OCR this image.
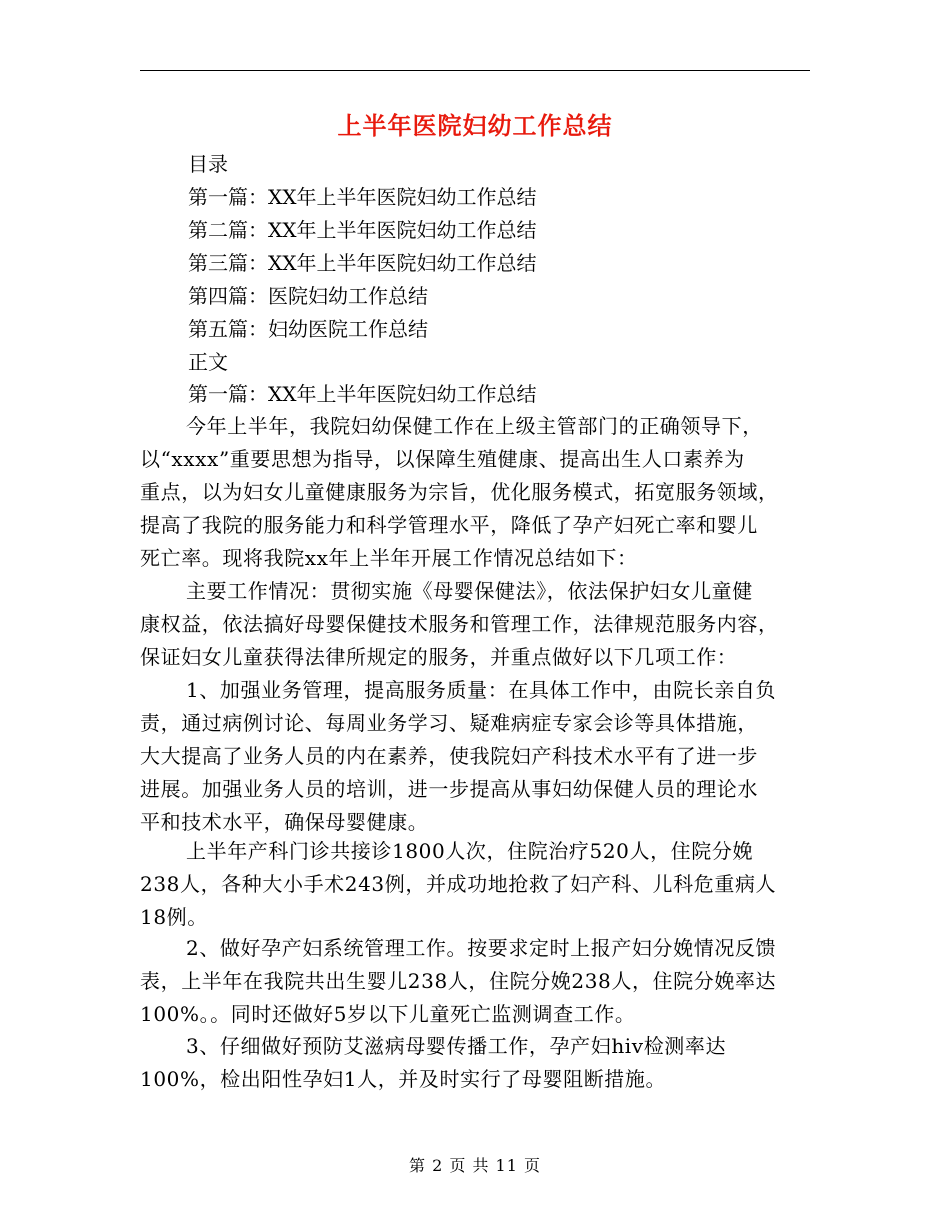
上半年医院妇幼工作总结
目录
第一篇：XX年上半年医院妇幼工作总结
第二篇：XX年上半年医院妇幼工作总结
第三篇：XX年上半年医院妇幼工作总结
第四篇：医院妇幼工作总结
第五篇：妇幼医院工作总结
正文
第一篇：XX年上半年医院妇幼工作总结
今年上半年，我院妇幼保健工作在上级主管部门的正确领导下，
以“xxxx”重要思想为指导，以保障生殖健康、提高出生人口素养为
重点，以为妇女儿童健康服务为宗旨，优化服务模式，拓宽服务领域，
提高了我院的服务能力和科学管理水平，降低了孕产妇死亡率和婴儿
死亡率。现将我院xx年上半年开展工作情况总结如下：
主要工作情况：贯彻实施《母婴保健法》，依法保护妇女儿童健
康权益，依法搞好母婴保健技术服务和管理工作，法律规范服务内容，
保证妇女儿童获得法律所规定的服务，并重点做好以下几项工作：
1、加强业务管理，提高服务质量：在具体工作中，由院长亲自负
责，通过病例讨论、每周业务学习、疑难病症专家会诊等具体措施，
大大提高了业务人员的内在素养，使我院妇产科技术水平有了进一步
进展。加强业务人员的培训，进一步提高从事妇幼保健人员的理论水
平和技术水平，确保母婴健康。
上半年产科门诊共接诊1800人次，住院治疗520人，住院分娩
238人，各种大小手术243例，并成功地抢救了妇产科、儿科危重病人
18例。
2、做好孕产妇系统管理工作。按要求定时上报产妇分娩情况反馈
表，上半年在我院共出生婴儿238人，住院分娩238人，住院分娩率达
100%。。同时还做好5岁以下儿童死亡监测调查工作。
3、仔细做好预防艾滋病母婴传播工作，孕产妇hiv检测率达
100%，检出阳性孕妇1人，并及时实行了母婴阻断措施。
第 2 页 共 11 页
